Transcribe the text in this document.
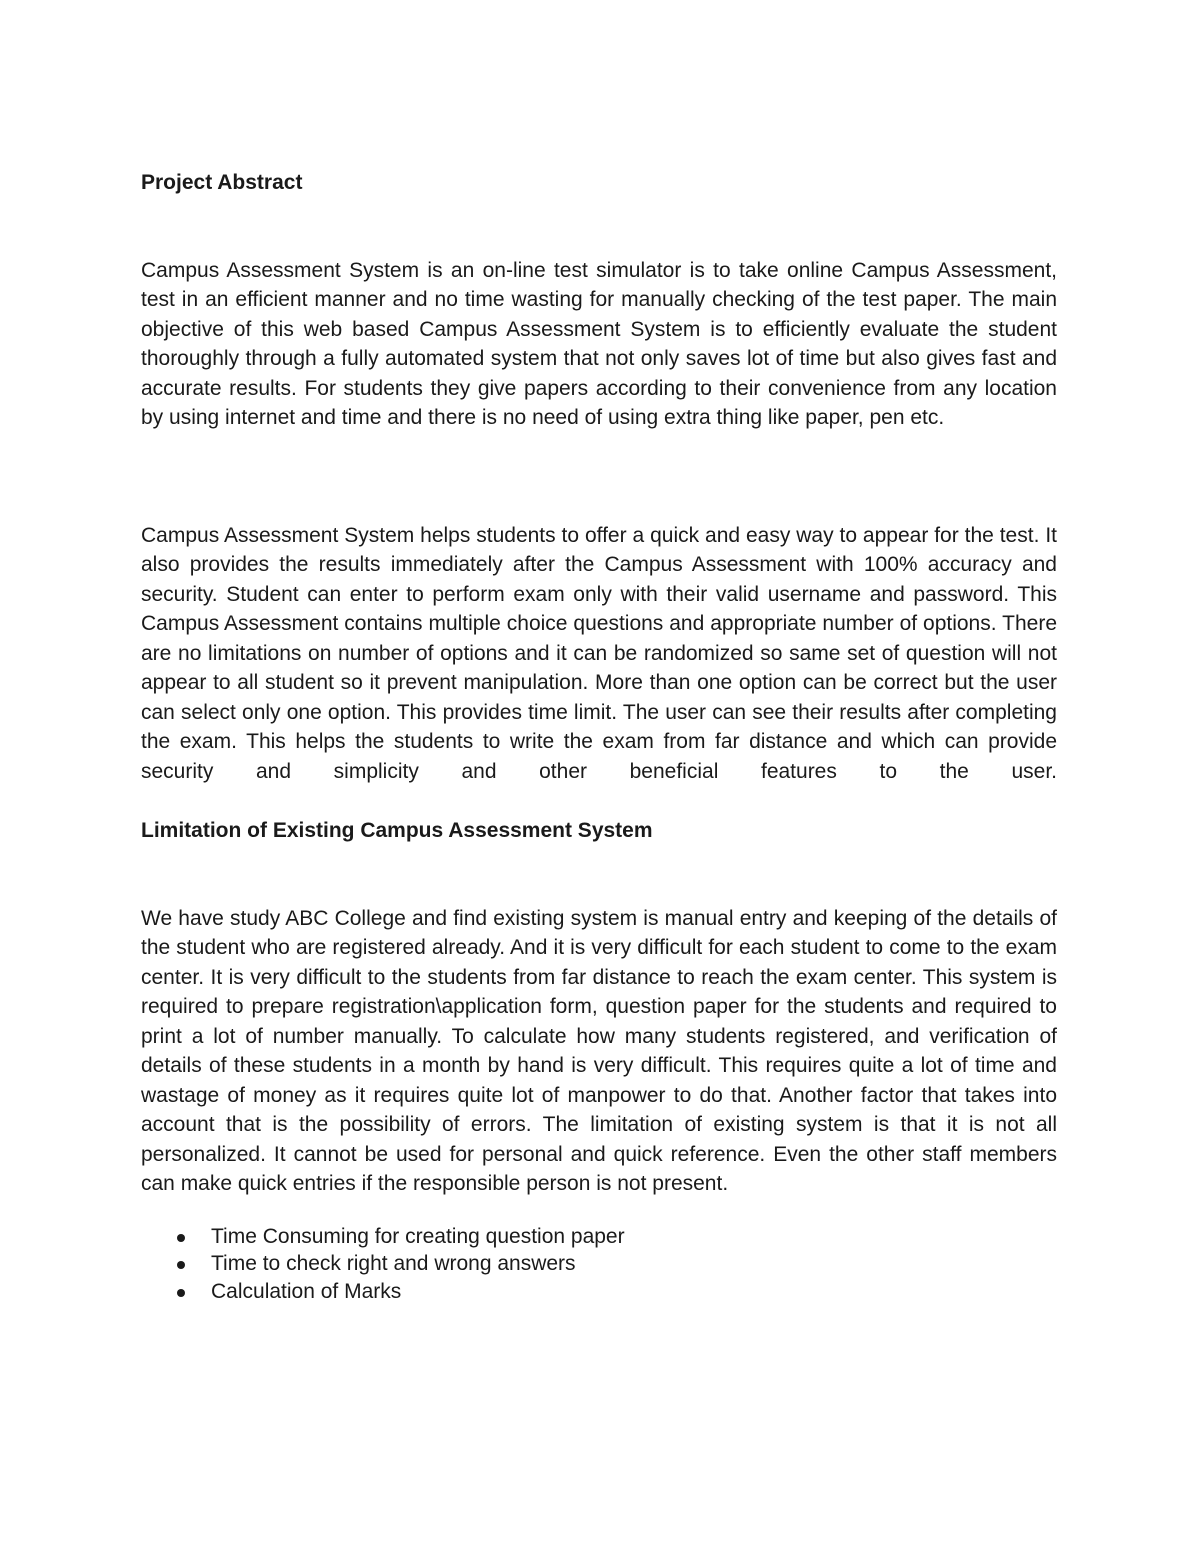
Project Abstract

Campus Assessment System is an on-line test simulator is to take online Campus Assessment, test in an efficient manner and no time wasting for manually checking of the test paper. The main objective of this web based Campus Assessment System is to efficiently evaluate the student thoroughly through a fully automated system that not only saves lot of time but also gives fast and accurate results. For students they give papers according to their convenience from any location by using internet and time and there is no need of using extra thing like paper, pen etc.

Campus Assessment System helps students to offer a quick and easy way to appear for the test. It also provides the results immediately after the Campus Assessment with 100% accuracy and security. Student can enter to perform exam only with their valid username and password. This Campus Assessment contains multiple choice questions and appropriate number of options. There are no limitations on number of options and it can be randomized so same set of question will not appear to all student so it prevent manipulation. More than one option can be correct but the user can select only one option. This provides time limit. The user can see their results after completing the exam. This helps the students to write the exam from far distance and which can provide security and simplicity and other beneficial features to the user.

Limitation of Existing Campus Assessment System

We have study ABC College and find existing system is manual entry and keeping of the details of the student who are registered already. And it is very difficult for each student to come to the exam center. It is very difficult to the students from far distance to reach the exam center. This system is required to prepare registration\application form, question paper for the students and required to print a lot of number manually. To calculate how many students registered, and verification of details of these students in a month by hand is very difficult. This requires quite a lot of time and wastage of money as it requires quite lot of manpower to do that. Another factor that takes into account that is the possibility of errors. The limitation of existing system is that it is not all personalized. It cannot be used for personal and quick reference. Even the other staff members can make quick entries if the responsible person is not present.

Time Consuming for creating question paper
Time to check right and wrong answers
Calculation of Marks
